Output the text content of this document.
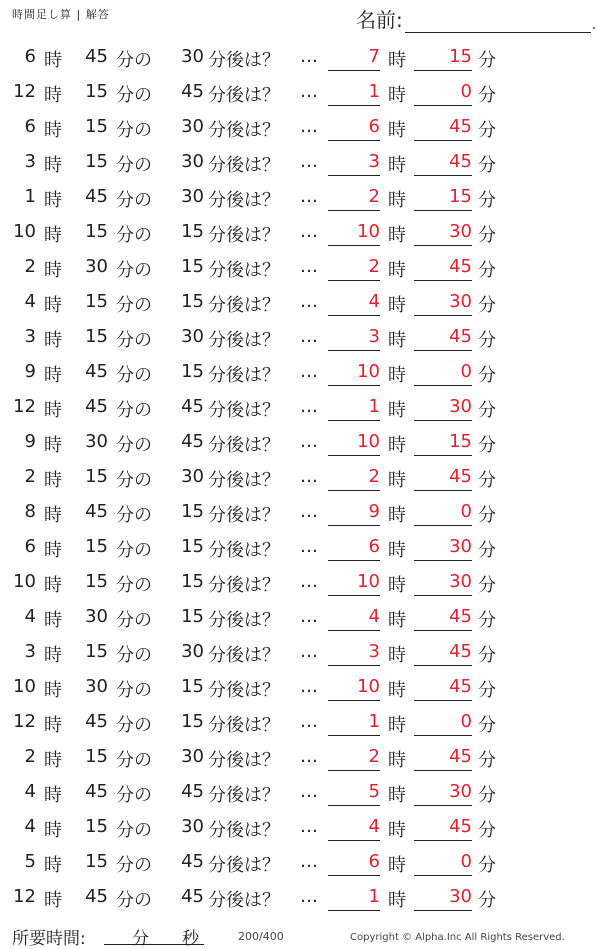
時間足し算 | 解答	名前:	.
6 時	45 分の	30 分後は？ …	7 時	15 分
12 時	15 分の	45 分後は？ …	1 時	0 分
6 時	15 分の	30 分後は？ …	6 時	45 分
3 時	15 分の	30 分後は？ …	3 時	45 分
1 時	45 分の	30 分後は？ …	2 時	15 分
10 時	15 分の	15 分後は？ …	10 時	30 分
2 時	30 分の	15 分後は？ …	2 時	45 分
4 時	15 分の	15 分後は？ …	4 時	30 分
3 時	15 分の	30 分後は？ …	3 時	45 分
9 時	45 分の	15 分後は？ …	10 時	0 分
12 時	45 分の	45 分後は？ …	1 時	30 分
9 時	30 分の	45 分後は？ …	10 時	15 分
2 時	15 分の	30 分後は？ …	2 時	45 分
8 時	45 分の	15 分後は？ …	9 時	0 分
6 時	15 分の	15 分後は？ …	6 時	30 分
10 時	15 分の	15 分後は？ …	10 時	30 分
4 時	30 分の	15 分後は？ …	4 時	45 分
3 時	15 分の	30 分後は？ …	3 時	45 分
10 時	30 分の	15 分後は？ …	10 時	45 分
12 時	45 分の	15 分後は？ …	1 時	0 分
2 時	15 分の	30 分後は？ …	2 時	45 分
4 時	45 分の	45 分後は？ …	5 時	30 分
4 時	15 分の	30 分後は？ …	4 時	45 分
5 時	15 分の	45 分後は？ …	6 時	0 分
12 時	45 分の	45 分後は？ …	1 時	30 分
所要時間:	分 秒	200/400	Copyright © Alpha.Inc All Rights Reserved.
